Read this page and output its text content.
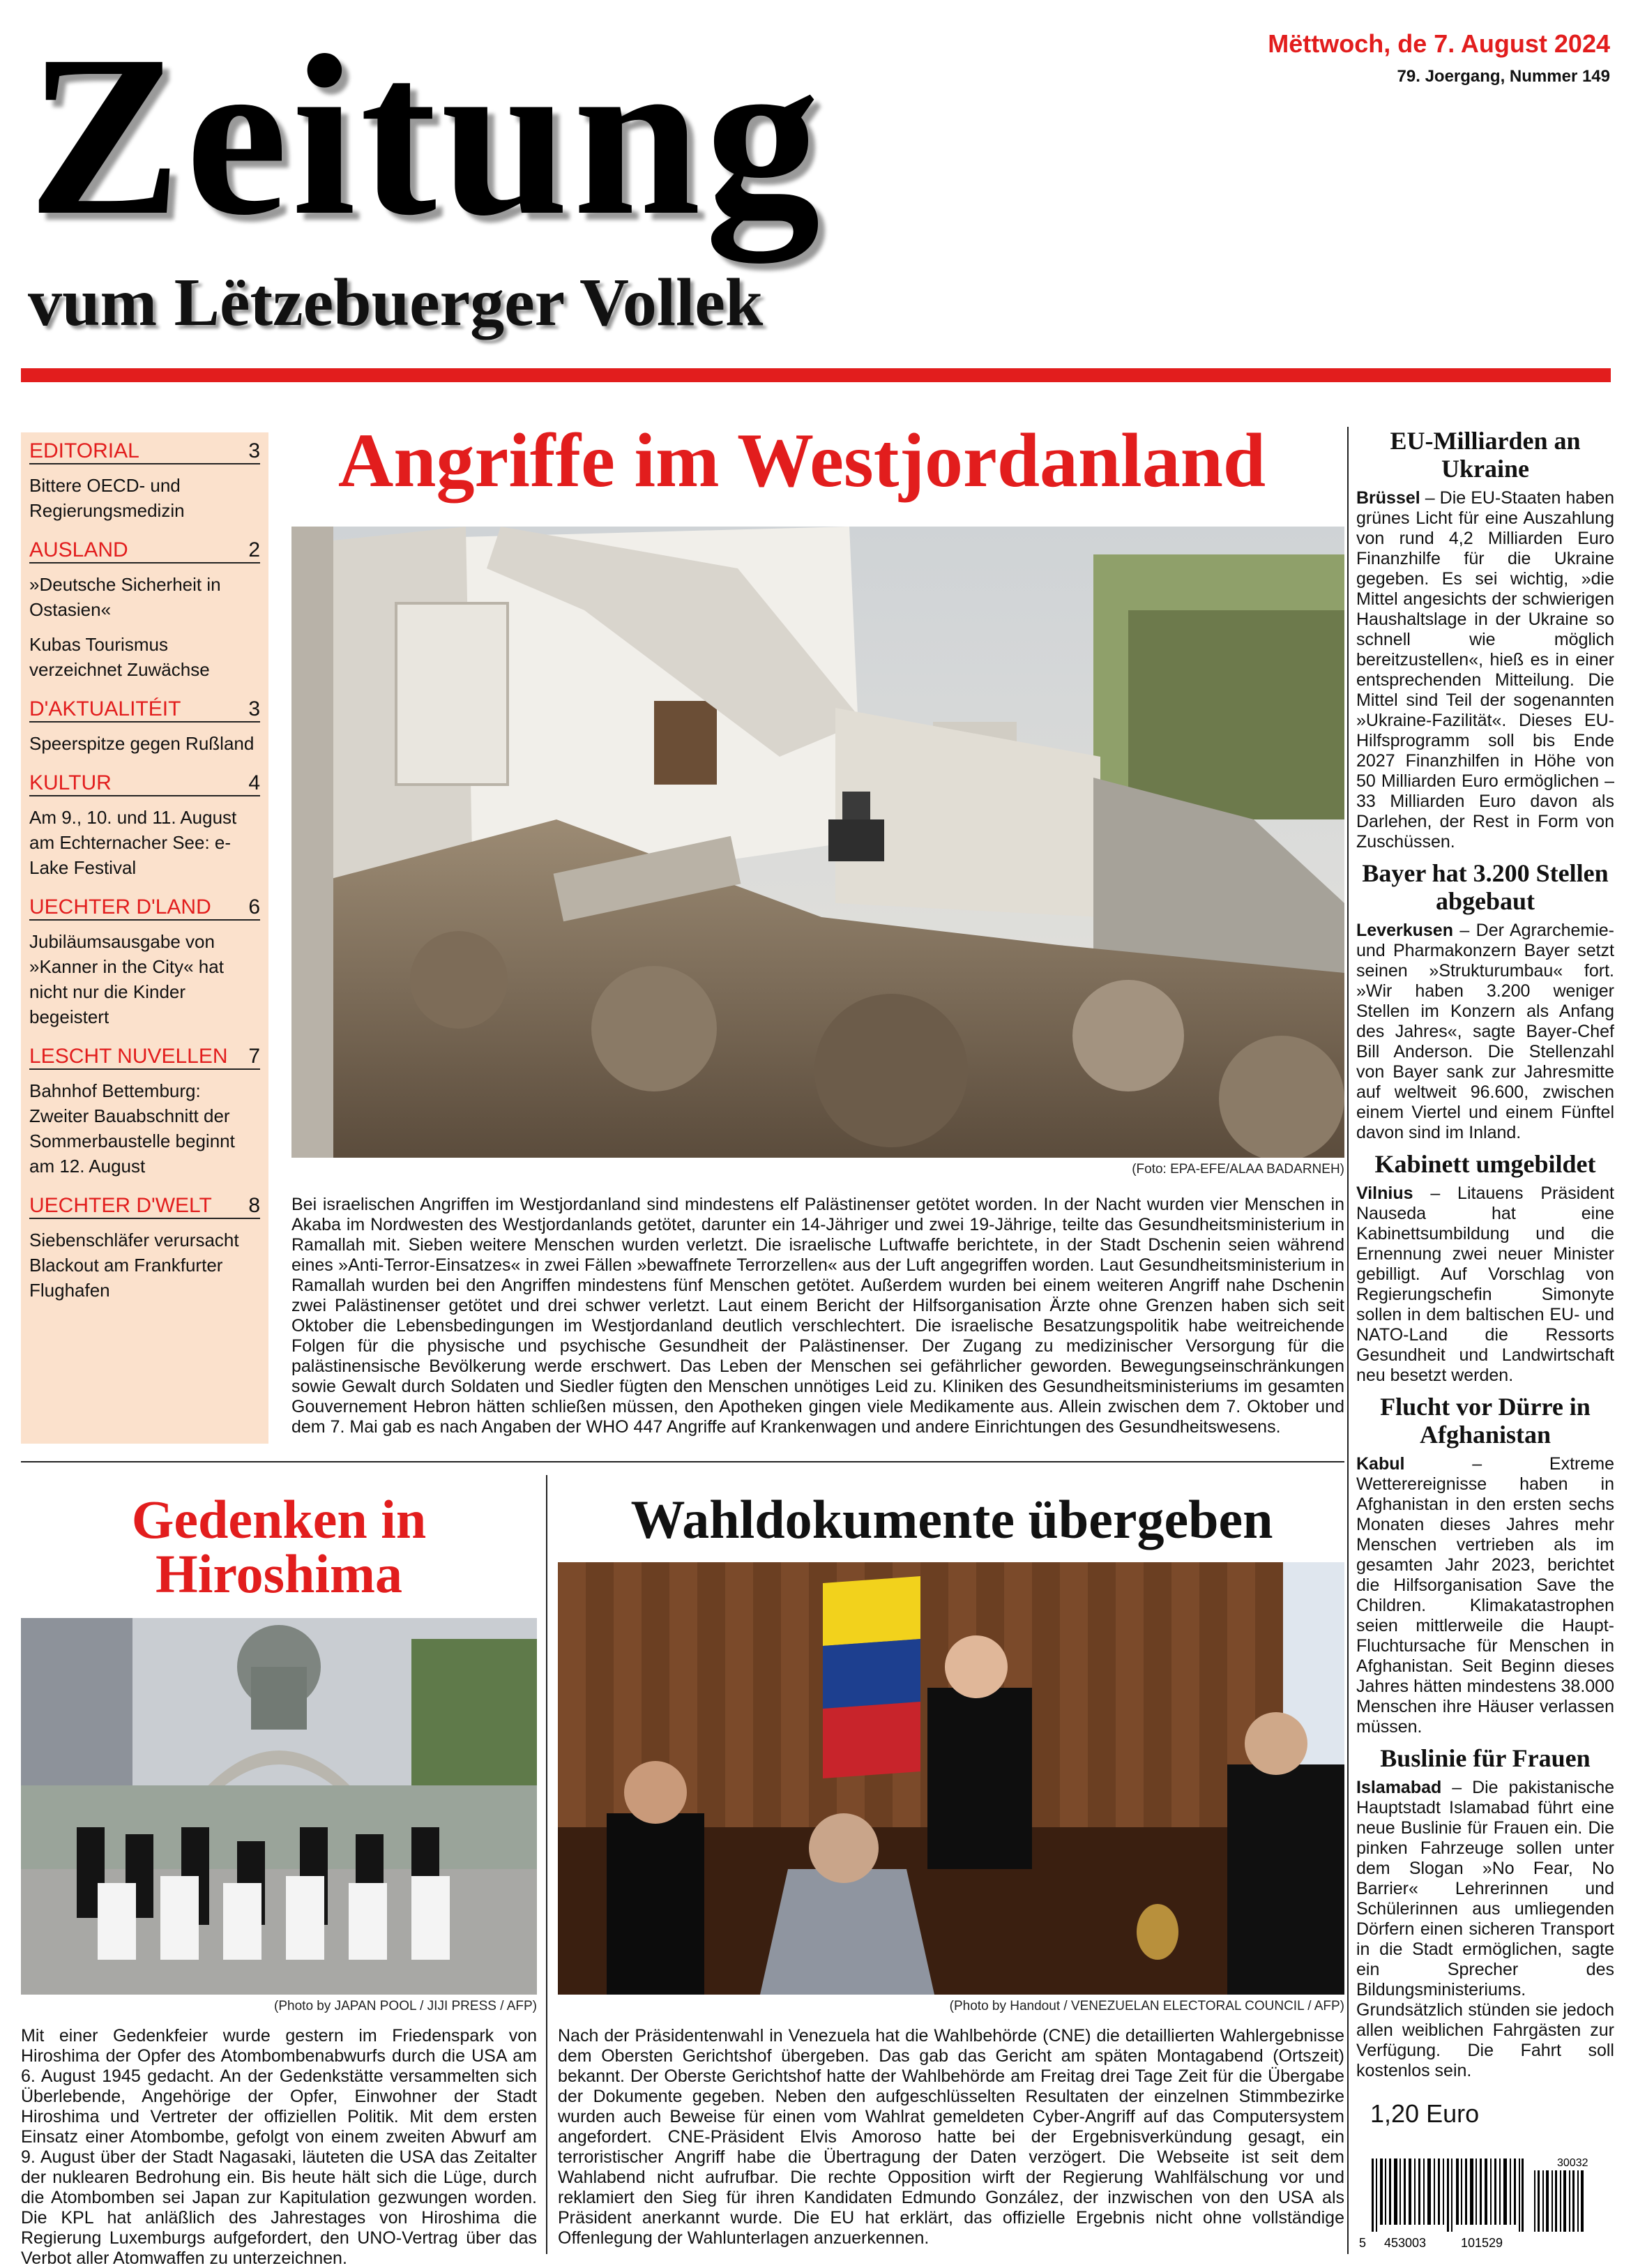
Zeitung
vum Lëtzebuerger Vollek
Mëttwoch, de 7. August 2024
79. Joergang, Nummer 149
EDITORIAL	3
Bittere OECD- und Regierungsmedizin
AUSLAND	2
»Deutsche Sicherheit in Ostasien«
Kubas Tourismus verzeichnet Zuwächse
D'AKTUALITÉIT	3
Speerspitze gegen Rußland
KULTUR	4
Am 9., 10. und 11. August am Echternacher See: e-Lake Festival
UECHTER D'LAND 6
Jubiläumsausgabe von »Kanner in the City« hat nicht nur die Kinder begeistert
LESCHT NUVELLEN 7
Bahnhof Bettemburg: Zweiter Bauabschnitt der Sommerbaustelle beginnt am 12. August
UECHTER D'WELT 8
Siebenschläfer verursacht Blackout am Frankfurter Flughafen
Angriffe im Westjordanland
(Foto: EPA-EFE/ALAA BADARNEH)
Bei israelischen Angriffen im Westjordanland sind mindestens elf Palästinenser getötet worden. In der Nacht wurden vier Menschen in Akaba im Nordwesten des Westjordanlands getötet, darunter ein 14-Jähriger und zwei 19-Jährige, teilte das Gesundheitsministerium in Ramallah mit. Sieben weitere Menschen wurden verletzt. Die israelische Luftwaffe berichtete, in der Stadt Dschenin seien während eines »Anti-Terror-Einsatzes« in zwei Fällen »bewaffnete Terrorzellen« aus der Luft angegriffen worden. Laut Gesundheitsministerium in Ramallah wurden bei den Angriffen mindestens fünf Menschen getötet. Außerdem wurden bei einem weiteren Angriff nahe Dschenin zwei Palästinenser getötet und drei schwer verletzt. Laut einem Bericht der Hilfsorganisation Ärzte ohne Grenzen haben sich seit Oktober die Lebensbedingungen im Westjordanland deutlich verschlechtert. Die israelische Besatzungspolitik habe weitreichende Folgen für die physische und psychische Gesundheit der Palästinenser. Der Zugang zu medizinischer Versorgung für die palästinensische Bevölkerung werde erschwert. Das Leben der Menschen sei gefährlicher geworden. Bewegungseinschränkungen sowie Gewalt durch Soldaten und Siedler fügten den Menschen unnötiges Leid zu. Kliniken des Gesundheitsministeriums im gesamten Gouvernement Hebron hätten schließen müssen, den Apotheken gingen viele Medikamente aus. Allein zwischen dem 7. Oktober und dem 7. Mai gab es nach Angaben der WHO 447 Angriffe auf Krankenwagen und andere Einrichtungen des Gesundheitswesens.
EU-Milliarden an Ukraine
Brüssel – Die EU-Staaten haben grünes Licht für eine Auszahlung von rund 4,2 Milliarden Euro Finanzhilfe für die Ukraine gegeben. Es sei wichtig, »die Mittel angesichts der schwierigen Haushaltslage in der Ukraine so schnell wie möglich bereitzustellen«, hieß es in einer entsprechenden Mitteilung. Die Mittel sind Teil der sogenannten »Ukraine-Fazilität«. Dieses EU-Hilfsprogramm soll bis Ende 2027 Finanzhilfen in Höhe von 50 Milliarden Euro ermöglichen – 33 Milliarden Euro davon als Darlehen, der Rest in Form von Zuschüssen.
Bayer hat 3.200 Stellen abgebaut
Leverkusen – Der Agrarchemie- und Pharmakonzern Bayer setzt seinen »Strukturumbau« fort. »Wir haben 3.200 weniger Stellen im Konzern als Anfang des Jahres«, sagte Bayer-Chef Bill Anderson. Die Stellenzahl von Bayer sank zur Jahresmitte auf weltweit 96.600, zwischen einem Viertel und einem Fünftel davon sind im Inland.
Kabinett umgebildet
Vilnius – Litauens Präsident Nauseda hat eine Kabinettsumbildung und die Ernennung zwei neuer Minister gebilligt. Auf Vorschlag von Regierungschefin Simonyte sollen in dem baltischen EU- und NATO-Land die Ressorts Gesundheit und Landwirtschaft neu besetzt werden.
Flucht vor Dürre in Afghanistan
Kabul – Extreme Wetterereignisse haben in Afghanistan in den ersten sechs Monaten dieses Jahres mehr Menschen vertrieben als im gesamten Jahr 2023, berichtet die Hilfsorganisation Save the Children. Klimakatastrophen seien mittlerweile die Haupt-Fluchtursache für Menschen in Afghanistan. Seit Beginn dieses Jahres hätten mindestens 38.000 Menschen ihre Häuser verlassen müssen.
Buslinie für Frauen
Islamabad – Die pakistanische Hauptstadt Islamabad führt eine neue Buslinie für Frauen ein. Die pinken Fahrzeuge sollen unter dem Slogan »No Fear, No Barrier« Lehrerinnen und Schülerinnen aus umliegenden Dörfern einen sicheren Transport in die Stadt ermöglichen, sagte ein Sprecher des Bildungsministeriums. Grundsätzlich stünden sie jedoch allen weiblichen Fahrgästen zur Verfügung. Die Fahrt soll kostenlos sein.
Gedenken in Hiroshima
(Photo by JAPAN POOL / JIJI PRESS / AFP)
Mit einer Gedenkfeier wurde gestern im Friedenspark von Hiroshima der Opfer des Atombombenabwurfs durch die USA am 6. August 1945 gedacht. An der Gedenkstätte versammelten sich Überlebende, Angehörige der Opfer, Einwohner der Stadt Hiroshima und Vertreter der offiziellen Politik. Mit dem ersten Einsatz einer Atombombe, gefolgt von einem zweiten Abwurf am 9. August über der Stadt Nagasaki, läuteten die USA das Zeitalter der nuklearen Bedrohung ein. Bis heute hält sich die Lüge, durch die Atombomben sei Japan zur Kapitulation gezwungen worden. Die KPL hat anläßlich des Jahrestages von Hiroshima die Regierung Luxemburgs aufgefordert, den UNO-Vertrag über das Verbot aller Atomwaffen zu unterzeichnen.
Wahldokumente übergeben
(Photo by Handout / VENEZUELAN ELECTORAL COUNCIL / AFP)
Nach der Präsidentenwahl in Venezuela hat die Wahlbehörde (CNE) die detaillierten Wahlergebnisse dem Obersten Gerichtshof übergeben. Das gab das Gericht am späten Montagabend (Ortszeit) bekannt. Der Oberste Gerichtshof hatte der Wahlbehörde am Freitag drei Tage Zeit für die Übergabe der Dokumente gegeben. Neben den aufgeschlüsselten Resultaten der einzelnen Stimmbezirke wurden auch Beweise für einen vom Wahlrat gemeldeten Cyber-Angriff auf das Computersystem angefordert. CNE-Präsident Elvis Amoroso hatte bei der Ergebnisverkündung gesagt, ein terroristischer Angriff habe die Übertragung der Daten verzögert. Die Webseite ist seit dem Wahlabend nicht aufrufbar. Die rechte Opposition wirft der Regierung Wahlfälschung vor und reklamiert den Sieg für ihren Kandidaten Edmundo González, der inzwischen von den USA als Präsident anerkannt wurde. Die EU hat erklärt, das offizielle Ergebnis nicht ohne vollständige Offenlegung der Wahlunterlagen anzuerkennen.
1,20 Euro
30032
5 453003	101529
